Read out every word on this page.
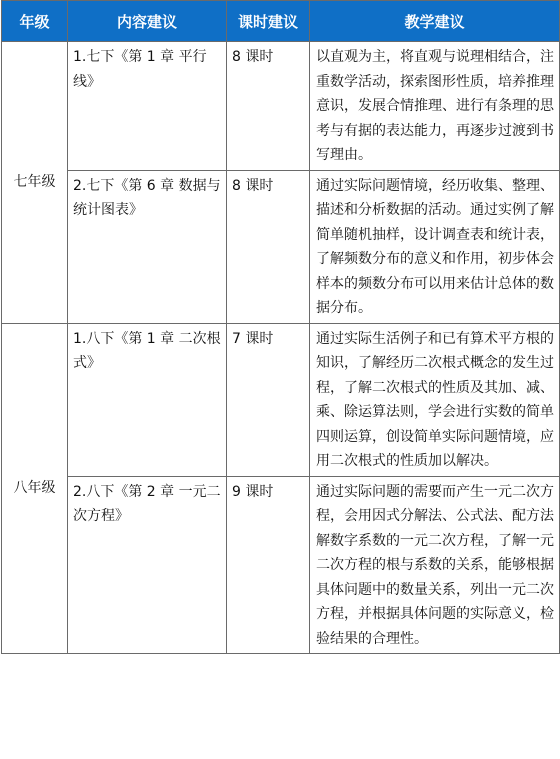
年级	内容建议	课时建议	教学建议
七年级	1.七下《第 1 章 平行线》	8 课时	以直观为主，将直观与说理相结合，注重数学活动，探索图形性质，培养推理意识，发展合情推理、进行有条理的思考与有据的表达能力，再逐步过渡到书写理由。
	2.七下《第 6 章 数据与统计图表》	8 课时	通过实际问题情境，经历收集、整理、描述和分析数据的活动。通过实例了解简单随机抽样，设计调查表和统计表，了解频数分布的意义和作用，初步体会样本的频数分布可以用来估计总体的数据分布。
八年级	1.八下《第 1 章 二次根式》	7 课时	通过实际生活例子和已有算术平方根的知识，了解经历二次根式概念的发生过程，了解二次根式的性质及其加、减、乘、除运算法则，学会进行实数的简单四则运算，创设简单实际问题情境，应用二次根式的性质加以解决。
	2.八下《第 2 章 一元二次方程》	9 课时	通过实际问题的需要而产生一元二次方程，会用因式分解法、公式法、配方法解数字系数的一元二次方程，了解一元二次方程的根与系数的关系，能够根据具体问题中的数量关系，列出一元二次方程，并根据具体问题的实际意义，检验结果的合理性。
